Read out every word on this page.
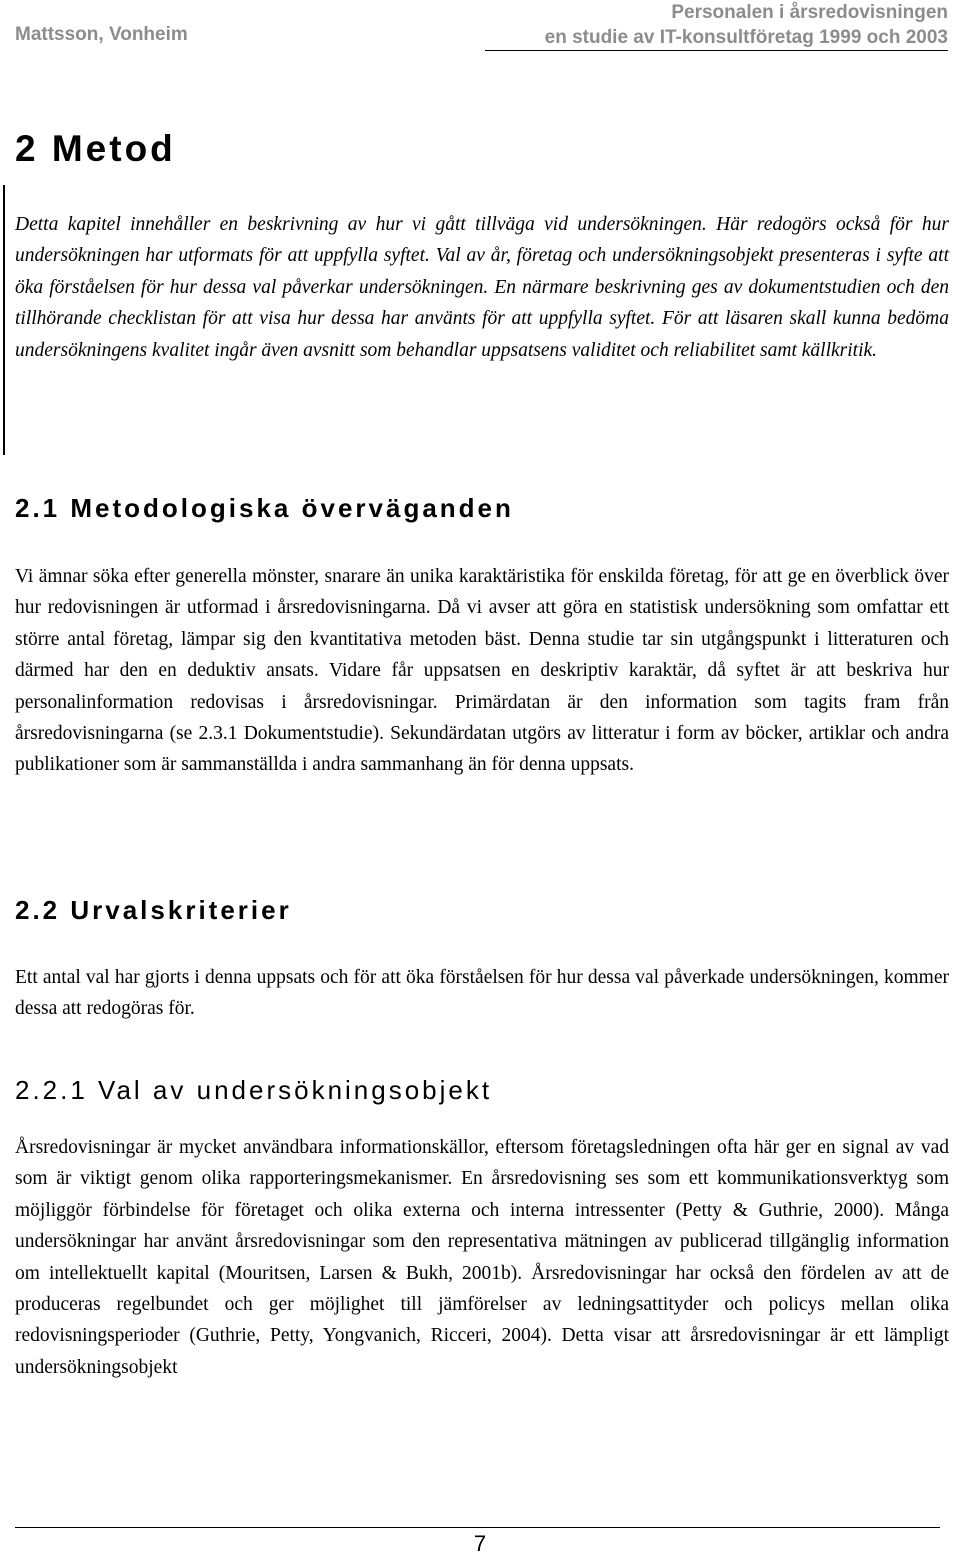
Mattsson, Vonheim
Personalen i årsredovisningen
en studie av IT-konsultföretag 1999 och 2003
2 Metod

Detta kapitel innehåller en beskrivning av hur vi gått tillväga vid undersökningen. Här redogörs också för hur undersökningen har utformats för att uppfylla syftet. Val av år, företag och undersökningsobjekt presenteras i syfte att öka förståelsen för hur dessa val påverkar undersökningen. En närmare beskrivning ges av dokumentstudien och den tillhörande checklistan för att visa hur dessa har använts för att uppfylla syftet. För att läsaren skall kunna bedöma undersökningens kvalitet ingår även avsnitt som behandlar uppsatsens validitet och reliabilitet samt källkritik.

2.1 Metodologiska överväganden

Vi ämnar söka efter generella mönster, snarare än unika karaktäristika för enskilda företag, för att ge en överblick över hur redovisningen är utformad i årsredovisningarna. Då vi avser att göra en statistisk undersökning som omfattar ett större antal företag, lämpar sig den kvantitativa metoden bäst. Denna studie tar sin utgångspunkt i litteraturen och därmed har den en deduktiv ansats. Vidare får uppsatsen en deskriptiv karaktär, då syftet är att beskriva hur personalinformation redovisas i årsredovisningar. Primärdatan är den information som tagits fram från årsredovisningarna (se 2.3.1 Dokumentstudie). Sekundärdatan utgörs av litteratur i form av böcker, artiklar och andra publikationer som är sammanställda i andra sammanhang än för denna uppsats.

2.2 Urvalskriterier

Ett antal val har gjorts i denna uppsats och för att öka förståelsen för hur dessa val påverkade undersökningen, kommer dessa att redogöras för.

2.2.1 Val av undersökningsobjekt

Årsredovisningar är mycket användbara informationskällor, eftersom företagsledningen ofta här ger en signal av vad som är viktigt genom olika rapporteringsmekanismer. En årsredovisning ses som ett kommunikationsverktyg som möjliggör förbindelse för företaget och olika externa och interna intressenter (Petty & Guthrie, 2000). Många undersökningar har använt årsredovisningar som den representativa mätningen av publicerad tillgänglig information om intellektuellt kapital (Mouritsen, Larsen & Bukh, 2001b). Årsredovisningar har också den fördelen av att de produceras regelbundet och ger möjlighet till jämförelser av ledningsattityder och policys mellan olika redovisningsperioder (Guthrie, Petty, Yongvanich, Ricceri, 2004). Detta visar att årsredovisningar är ett lämpligt undersökningsobjekt

7
